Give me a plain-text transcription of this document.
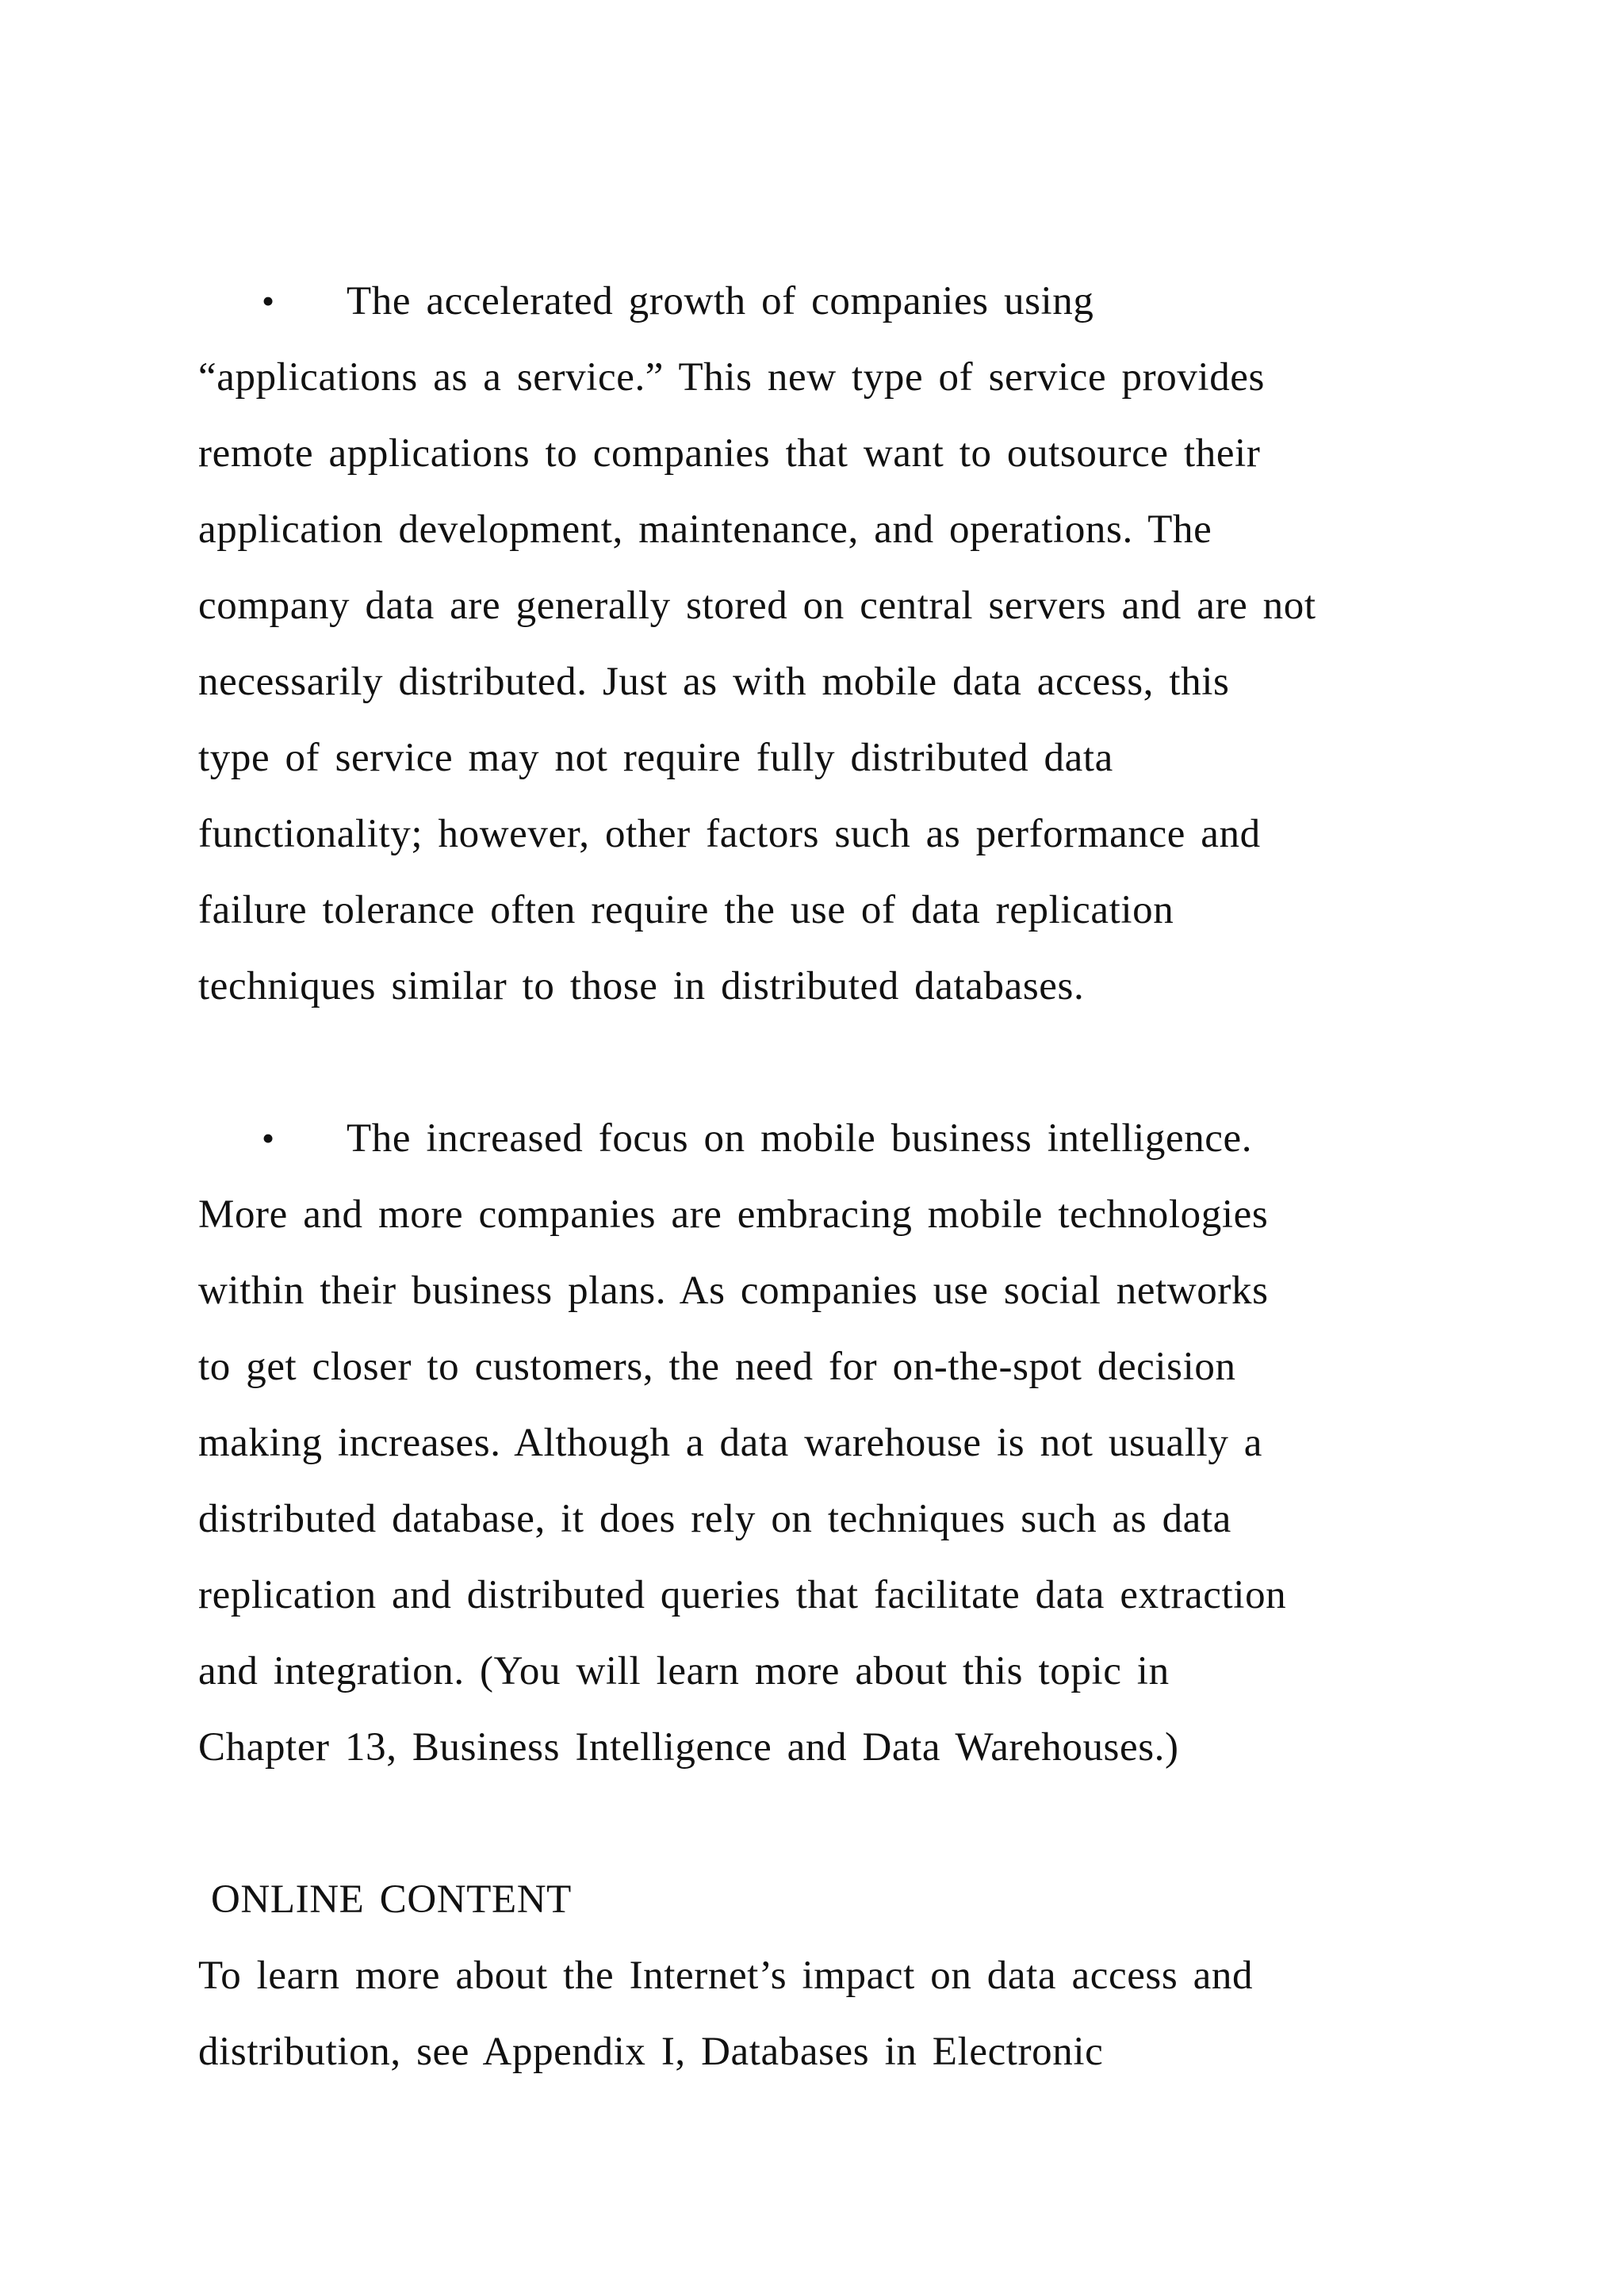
• The accelerated growth of companies using
“applications as a service.” This new type of service provides
remote applications to companies that want to outsource their
application development, maintenance, and operations. The
company data are generally stored on central servers and are not
necessarily distributed. Just as with mobile data access, this
type of service may not require fully distributed data
functionality; however, other factors such as performance and
failure tolerance often require the use of data replication
techniques similar to those in distributed databases.
• The increased focus on mobile business intelligence.
More and more companies are embracing mobile technologies
within their business plans. As companies use social networks
to get closer to customers, the need for on-the-spot decision
making increases. Although a data warehouse is not usually a
distributed database, it does rely on techniques such as data
replication and distributed queries that facilitate data extraction
and integration. (You will learn more about this topic in
Chapter 13, Business Intelligence and Data Warehouses.)
ONLINE CONTENT
To learn more about the Internet’s impact on data access and
distribution, see Appendix I, Databases in Electronic
